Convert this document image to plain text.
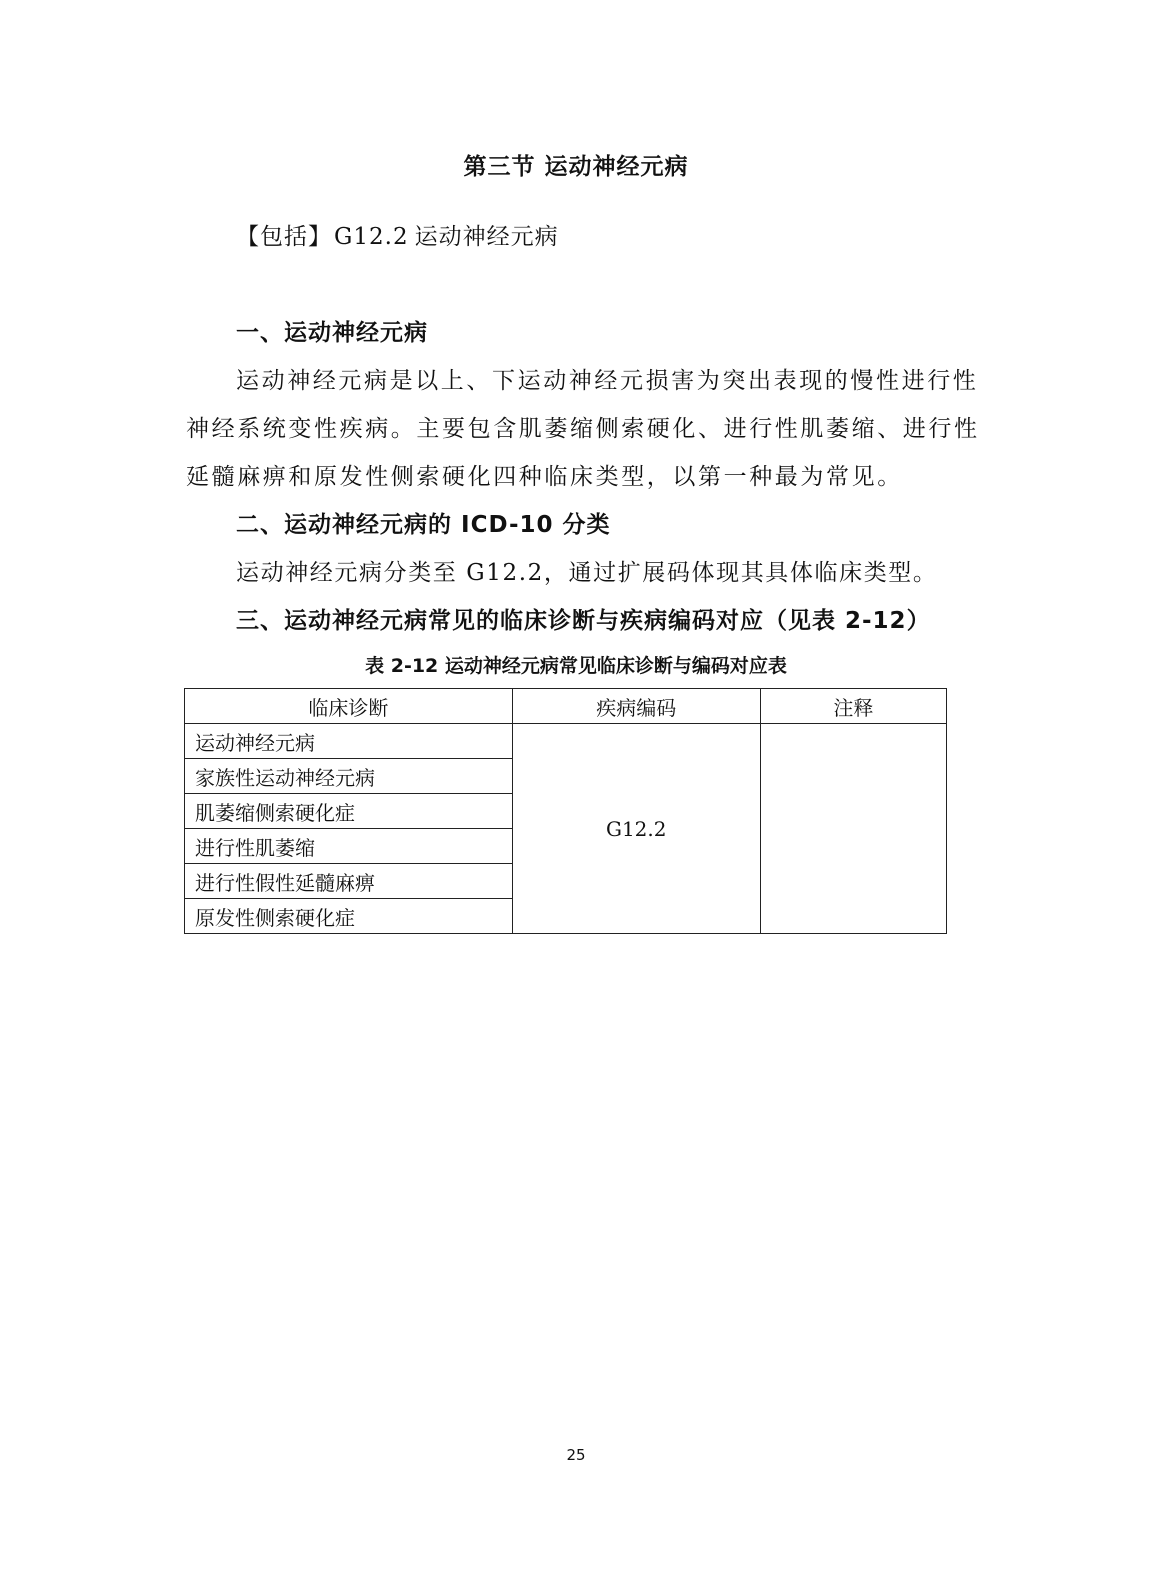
第三节 运动神经元病
【包括】G12.2 运动神经元病
一、运动神经元病
运动神经元病是以上、下运动神经元损害为突出表现的慢性进行性
神经系统变性疾病。主要包含肌萎缩侧索硬化、进行性肌萎缩、进行性
延髓麻痹和原发性侧索硬化四种临床类型，以第一种最为常见。
二、运动神经元病的 ICD-10 分类
运动神经元病分类至 G12.2，通过扩展码体现其具体临床类型。
三、运动神经元病常见的临床诊断与疾病编码对应（见表 2-12）
表 2-12 运动神经元病常见临床诊断与编码对应表
临床诊断	疾病编码	注释
运动神经元病	G12.2	
家族性运动神经元病		
肌萎缩侧索硬化症		
进行性肌萎缩		
进行性假性延髓麻痹		
原发性侧索硬化症		
25
